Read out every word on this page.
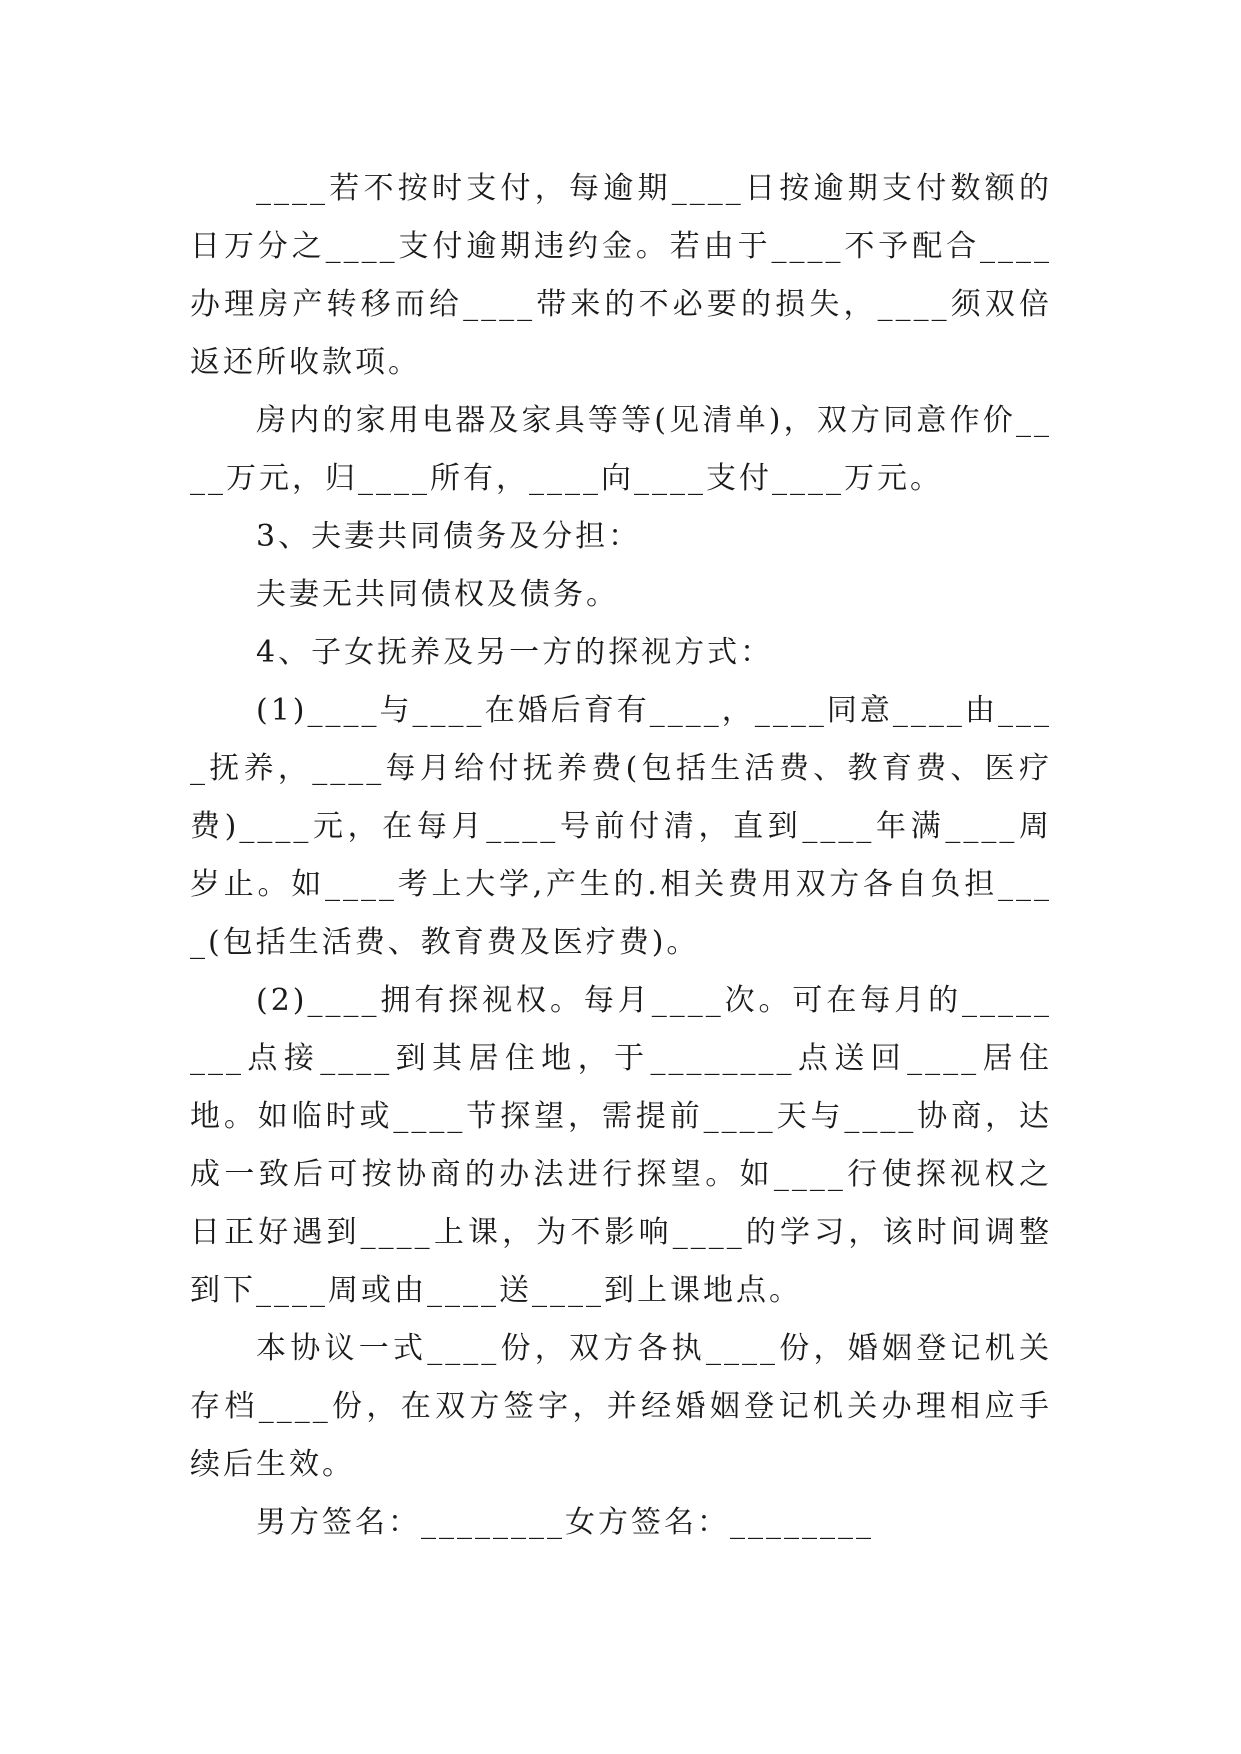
____若不按时支付，每逾期____日按逾期支付数额的日万分之____支付逾期违约金。若由于____不予配合____办理房产转移而给____带来的不必要的损失，____须双倍返还所收款项。

房内的家用电器及家具等等(见清单)，双方同意作价____万元，归____所有，____向____支付____万元。

3、夫妻共同债务及分担：

夫妻无共同债权及债务。

4、子女抚养及另一方的探视方式：

(1)____与____在婚后育有____，____同意____由____抚养，____每月给付抚养费(包括生活费、教育费、医疗费)____元，在每月____号前付清，直到____年满____周岁止。如____考上大学,产生的.相关费用双方各自负担____(包括生活费、教育费及医疗费)。

(2)____拥有探视权。每月____次。可在每月的________点接____到其居住地，于________点送回____居住地。如临时或____节探望，需提前____天与____协商，达成一致后可按协商的办法进行探望。如____行使探视权之日正好遇到____上课，为不影响____的学习，该时间调整到下____周或由____送____到上课地点。

本协议一式____份，双方各执____份，婚姻登记机关存档____份，在双方签字，并经婚姻登记机关办理相应手续后生效。

男方签名：________女方签名：________
